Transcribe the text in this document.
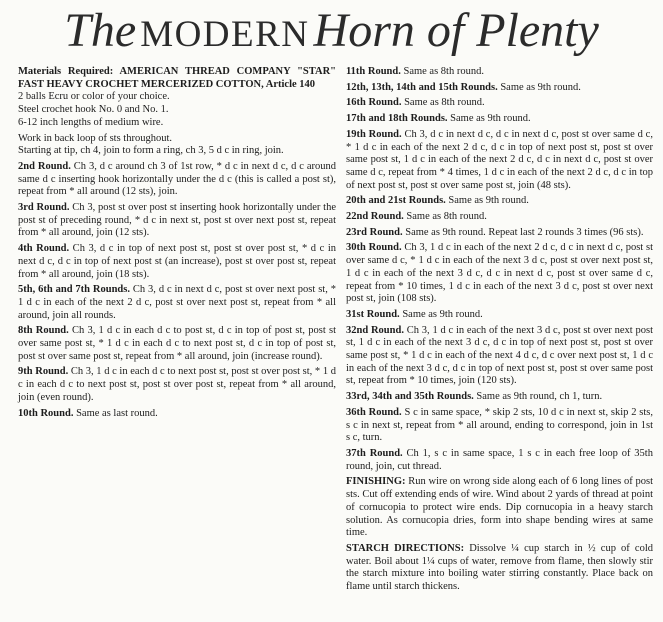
The MODERN Horn of Plenty

Materials Required: AMERICAN THREAD COMPANY "STAR" FAST HEAVY CROCHET MERCERIZED COTTON, Article 140

2 balls Ecru or color of your choice.

Steel crochet hook No. 0 and No. 1.

6-12 inch lengths of medium wire.

Work in back loop of sts throughout.

Starting at tip, ch 4, join to form a ring, ch 3, 5 d c in ring, join.

2nd Round. Ch 3, d c around ch 3 of 1st row, * d c in next d c, d c around same d c inserting hook horizontally under the d c (this is called a post st), repeat from * all around (12 sts), join.

3rd Round. Ch 3, post st over post st inserting hook horizontally under the post st of preceding round, * d c in next st, post st over next post st, repeat from * all around, join (12 sts).

4th Round. Ch 3, d c in top of next post st, post st over post st, * d c in next d c, d c in top of next post st (an increase), post st over post st, repeat from * all around, join (18 sts).

5th, 6th and 7th Rounds. Ch 3, d c in next d c, post st over next post st, * 1 d c in each of the next 2 d c, post st over next post st, repeat from * all around, join all rounds.

8th Round. Ch 3, 1 d c in each d c to post st, d c in top of post st, post st over same post st, * 1 d c in each d c to next post st, d c in top of post st, post st over same post st, repeat from * all around, join (increase round).

9th Round. Ch 3, 1 d c in each d c to next post st, post st over post st, * 1 d c in each d c to next post st, post st over post st, repeat from * all around, join (even round).

10th Round. Same as last round.

11th Round. Same as 8th round.

12th, 13th, 14th and 15th Rounds. Same as 9th round.

16th Round. Same as 8th round.

17th and 18th Rounds. Same as 9th round.

19th Round. Ch 3, d c in next d c, d c in next d c, post st over same d c, * 1 d c in each of the next 2 d c, d c in top of next post st, post st over same post st, 1 d c in each of the next 2 d c, d c in next d c, post st over same d c, repeat from * 4 times, 1 d c in each of the next 2 d c, d c in top of next post st, post st over same post st, join (48 sts).

20th and 21st Rounds. Same as 9th round.

22nd Round. Same as 8th round.

23rd Round. Same as 9th round. Repeat last 2 rounds 3 times (96 sts).

30th Round. Ch 3, 1 d c in each of the next 2 d c, d c in next d c, post st over same d c, * 1 d c in each of the next 3 d c, post st over next post st, 1 d c in each of the next 3 d c, d c in next d c, post st over same d c, repeat from * 10 times, 1 d c in each of the next 3 d c, post st over next post st, join (108 sts).

31st Round. Same as 9th round.

32nd Round. Ch 3, 1 d c in each of the next 3 d c, post st over next post st, 1 d c in each of the next 3 d c, d c in top of next post st, post st over same post st, * 1 d c in each of the next 4 d c, d c over next post st, 1 d c in each of the next 3 d c, d c in top of next post st, post st over same post st, repeat from * 10 times, join (120 sts).

33rd, 34th and 35th Rounds. Same as 9th round, ch 1, turn.

36th Round. S c in same space, * skip 2 sts, 10 d c in next st, skip 2 sts, s c in next st, repeat from * all around, ending to correspond, join in 1st s c, turn.

37th Round. Ch 1, s c in same space, 1 s c in each free loop of 35th round, join, cut thread.

FINISHING: Run wire on wrong side along each of 6 long lines of post sts. Cut off extending ends of wire. Wind about 2 yards of thread at point of cornucopia to protect wire ends. Dip cornucopia in a heavy starch solution. As cornucopia dries, form into shape bending wires at same time.

STARCH DIRECTIONS: Dissolve ¼ cup starch in ½ cup of cold water. Boil about 1¼ cups of water, remove from flame, then slowly stir the starch mixture into boiling water stirring constantly. Place back on flame until starch thickens.
